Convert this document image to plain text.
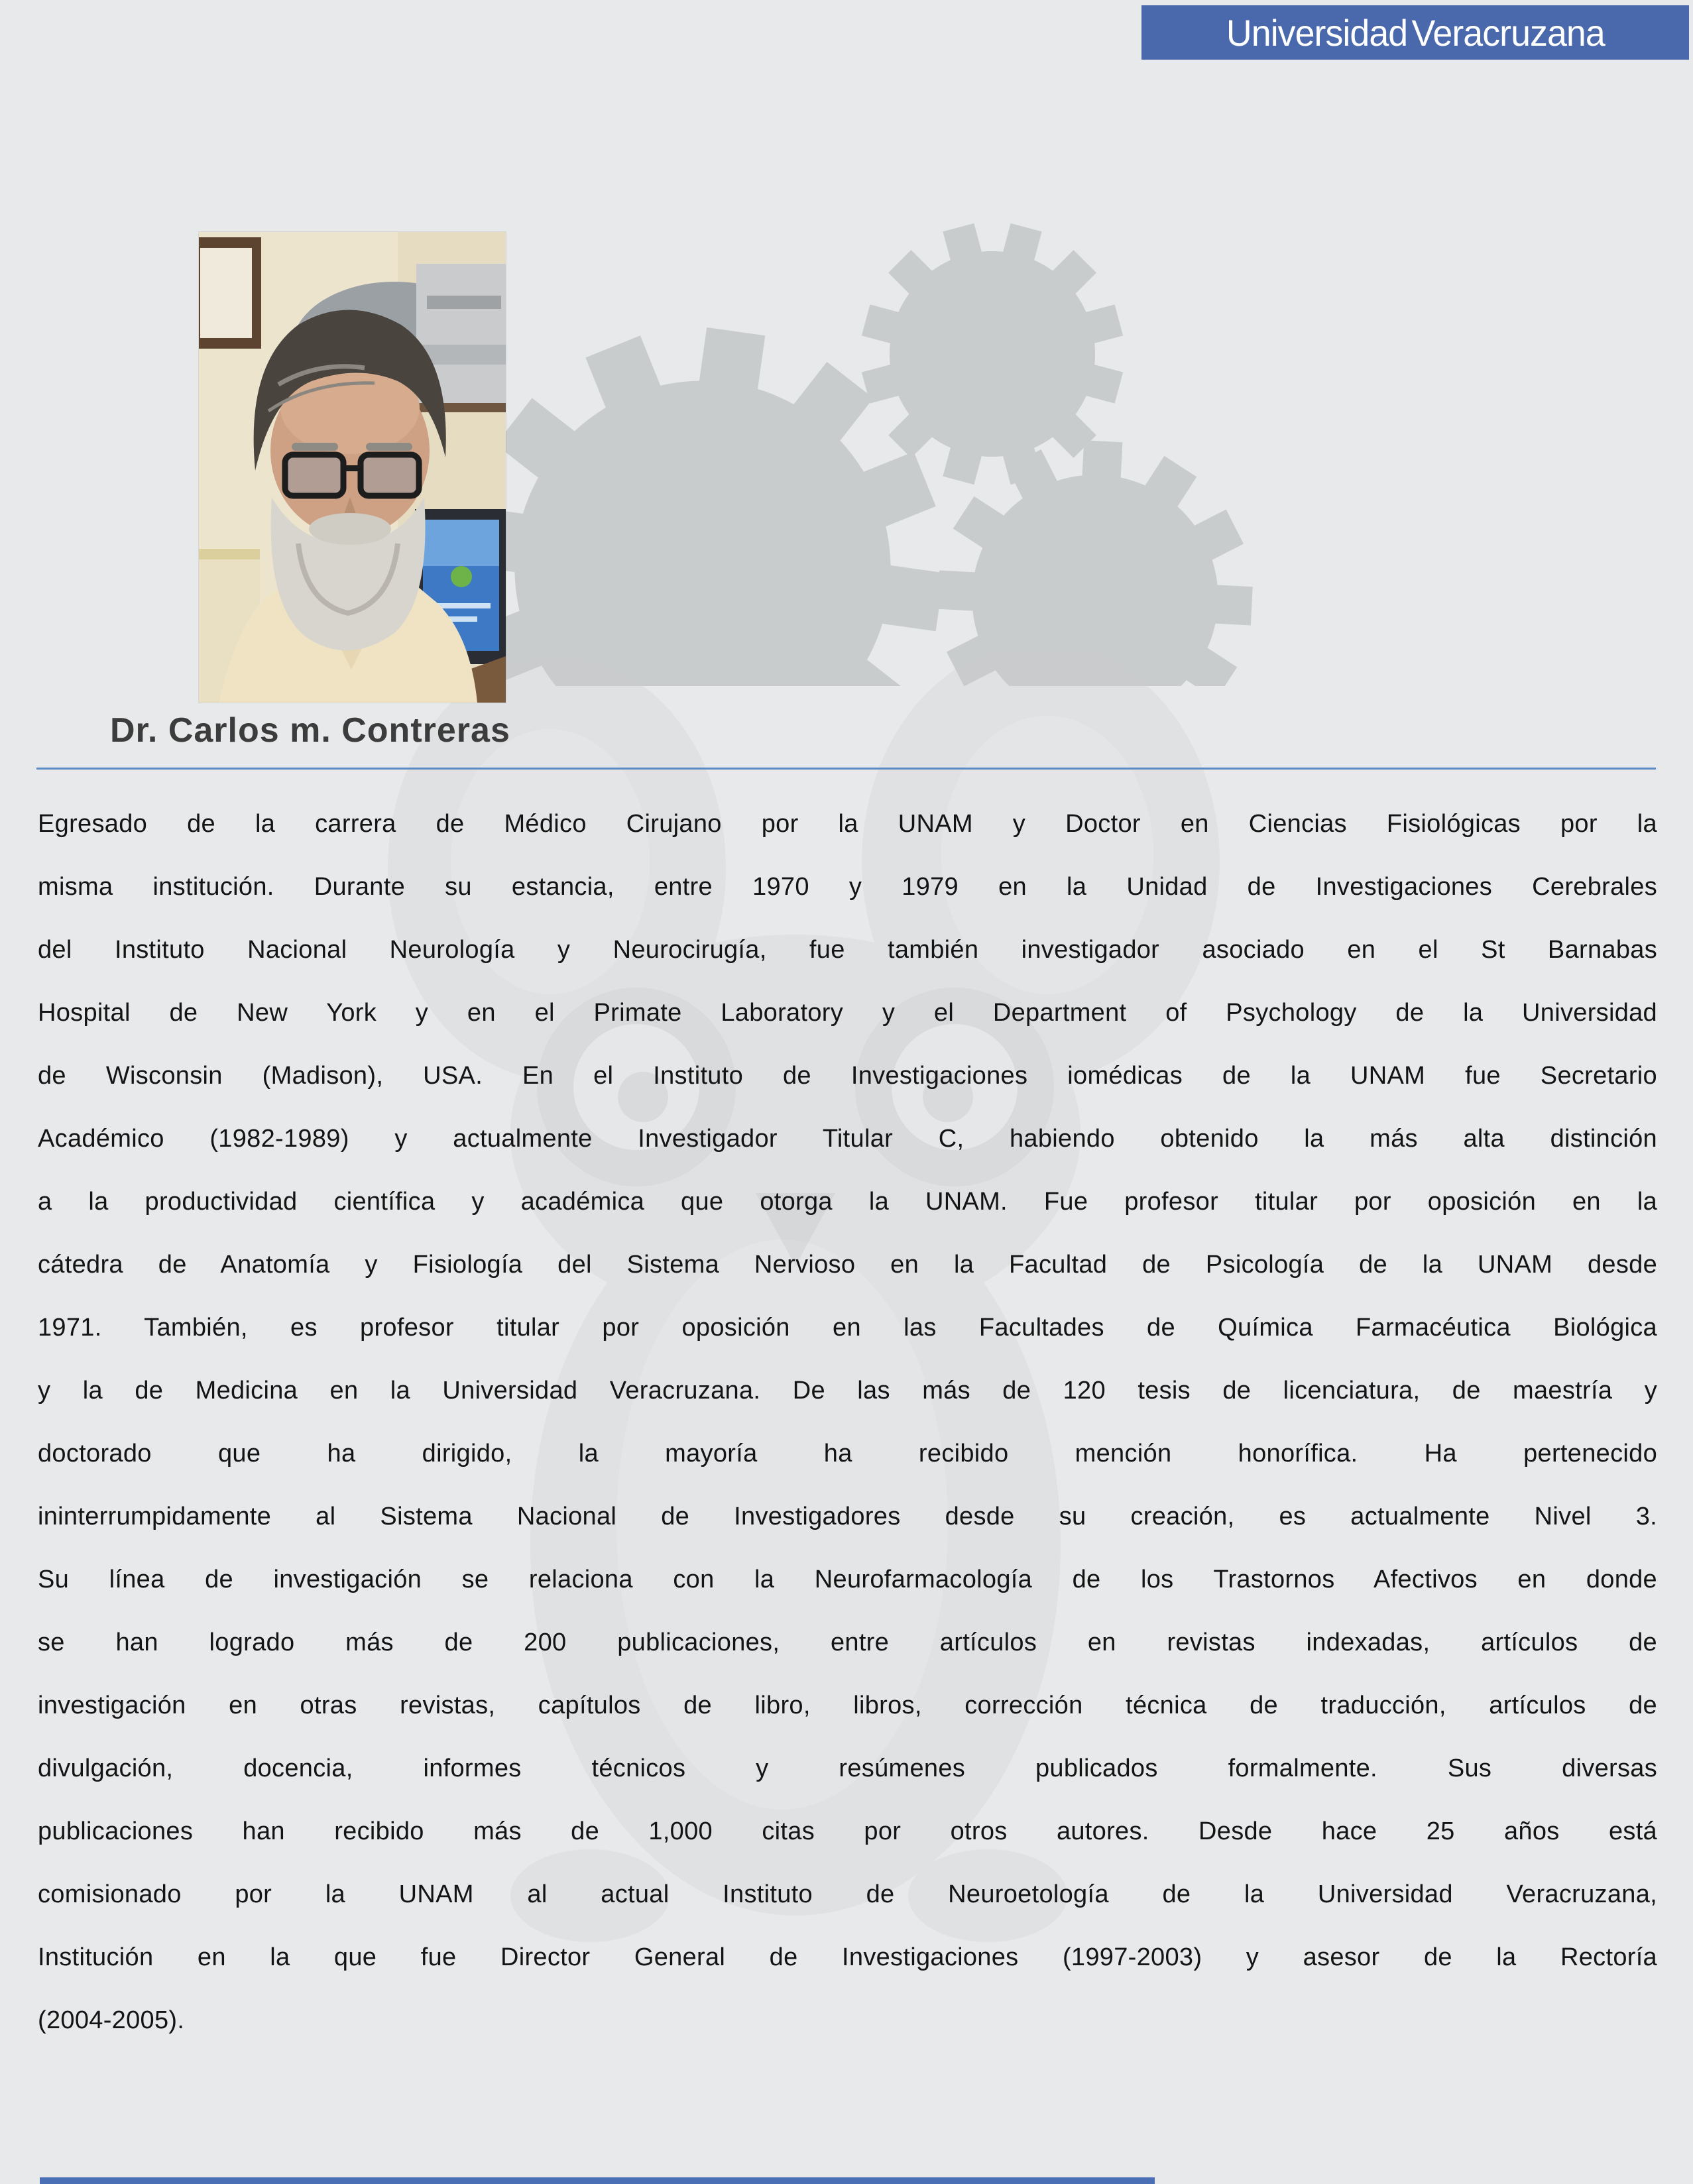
Universidad Veracruzana
Dr. Carlos m. Contreras
Egresado de la carrera de Médico Cirujano por la UNAM y Doctor en Ciencias Fisiológicas por la
misma institución. Durante su estancia, entre 1970 y 1979 en la Unidad de Investigaciones Cerebrales
del Instituto Nacional Neurología y Neurocirugía, fue también investigador asociado en el St Barnabas
Hospital de New York y en el Primate Laboratory y el Department of Psychology de la Universidad
de Wisconsin (Madison), USA. En el Instituto de Investigaciones iomédicas de la UNAM fue Secretario
Académico (1982-1989) y actualmente Investigador Titular C, habiendo obtenido la más alta distinción
a la productividad científica y académica que otorga la UNAM. Fue profesor titular por oposición en la
cátedra de Anatomía y Fisiología del Sistema Nervioso en la Facultad de Psicología de la UNAM desde
1971. También, es profesor titular por oposición en las Facultades de Química Farmacéutica Biológica
y la de Medicina en la Universidad Veracruzana. De las más de 120 tesis de licenciatura, de maestría y
doctorado que ha dirigido, la mayoría ha recibido mención honorífica. Ha pertenecido
ininterrumpidamente al Sistema Nacional de Investigadores desde su creación, es actualmente Nivel 3.
Su línea de investigación se relaciona con la Neurofarmacología de los Trastornos Afectivos en donde
se han logrado más de 200 publicaciones, entre artículos en revistas indexadas, artículos de
investigación en otras revistas, capítulos de libro, libros, corrección técnica de traducción, artículos de
divulgación, docencia, informes técnicos y resúmenes publicados formalmente. Sus diversas
publicaciones han recibido más de 1,000 citas por otros autores. Desde hace 25 años está
comisionado por la UNAM al actual Instituto de Neuroetología de la Universidad Veracruzana,
Institución en la que fue Director General de Investigaciones (1997-2003) y asesor de la Rectoría
(2004-2005).
